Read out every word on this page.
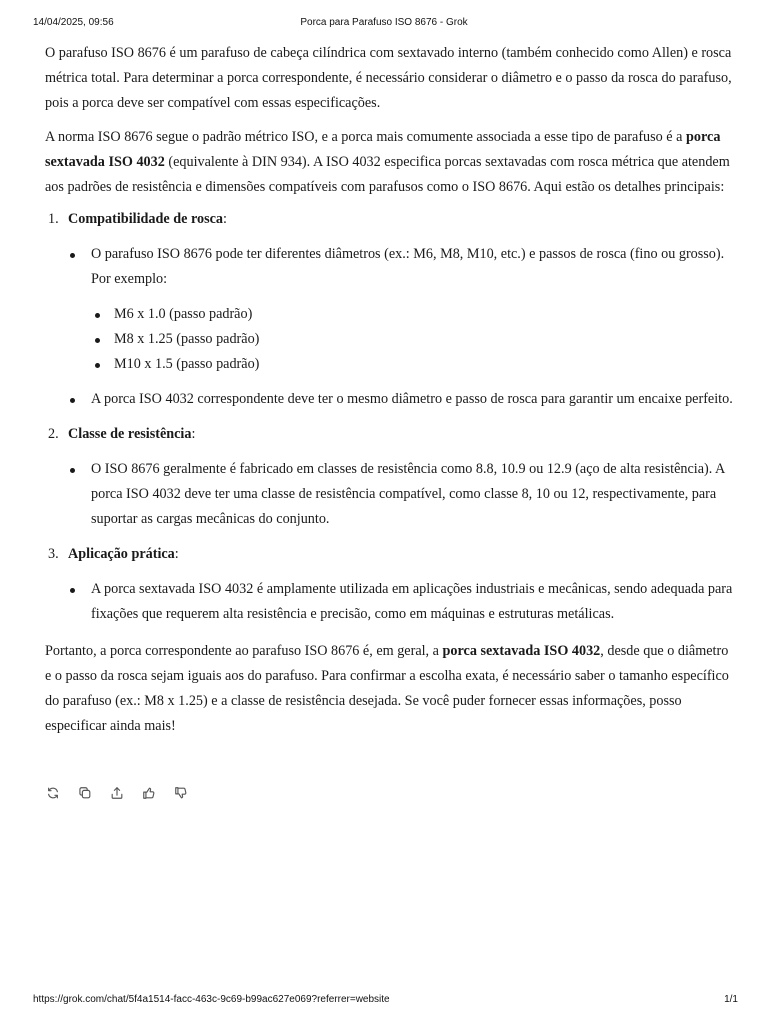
14/04/2025, 09:56	Porca para Parafuso ISO 8676 - Grok

O parafuso ISO 8676 é um parafuso de cabeça cilíndrica com sextavado interno (também conhecido como Allen) e rosca métrica total. Para determinar a porca correspondente, é necessário considerar o diâmetro e o passo da rosca do parafuso, pois a porca deve ser compatível com essas especificações.

A norma ISO 8676 segue o padrão métrico ISO, e a porca mais comumente associada a esse tipo de parafuso é a porca sextavada ISO 4032 (equivalente à DIN 934). A ISO 4032 especifica porcas sextavadas com rosca métrica que atendem aos padrões de resistência e dimensões compatíveis com parafusos como o ISO 8676. Aqui estão os detalhes principais:

1. Compatibilidade de rosca:
O parafuso ISO 8676 pode ter diferentes diâmetros (ex.: M6, M8, M10, etc.) e passos de rosca (fino ou grosso). Por exemplo:
M6 x 1.0 (passo padrão)
M8 x 1.25 (passo padrão)
M10 x 1.5 (passo padrão)
A porca ISO 4032 correspondente deve ter o mesmo diâmetro e passo de rosca para garantir um encaixe perfeito.
2. Classe de resistência:
O ISO 8676 geralmente é fabricado em classes de resistência como 8.8, 10.9 ou 12.9 (aço de alta resistência). A porca ISO 4032 deve ter uma classe de resistência compatível, como classe 8, 10 ou 12, respectivamente, para suportar as cargas mecânicas do conjunto.
3. Aplicação prática:
A porca sextavada ISO 4032 é amplamente utilizada em aplicações industriais e mecânicas, sendo adequada para fixações que requerem alta resistência e precisão, como em máquinas e estruturas metálicas.

Portanto, a porca correspondente ao parafuso ISO 8676 é, em geral, a porca sextavada ISO 4032, desde que o diâmetro e o passo da rosca sejam iguais aos do parafuso. Para confirmar a escolha exata, é necessário saber o tamanho específico do parafuso (ex.: M8 x 1.25) e a classe de resistência desejada. Se você puder fornecer essas informações, posso especificar ainda mais!

https://grok.com/chat/5f4a1514-facc-463c-9c69-b99ac627e069?referrer=website	1/1
